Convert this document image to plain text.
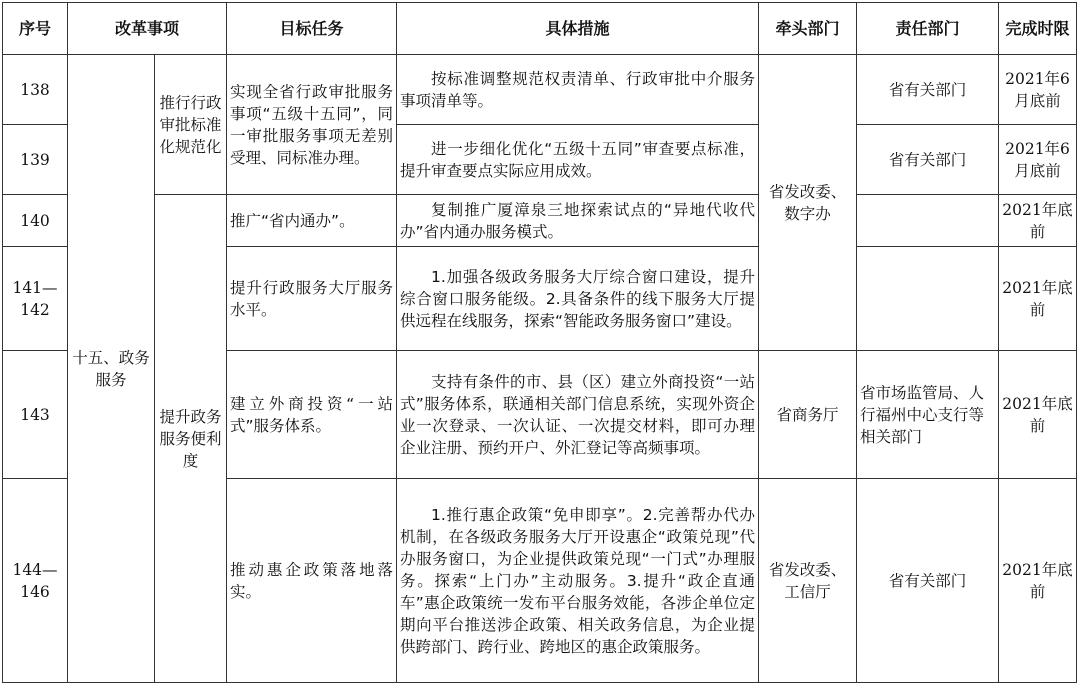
序号	改革事项		目标任务	具体措施	牵头部门	责任部门	完成时限
138	十五、政务服务	推行行政审批标准化规范化	实现全省行政审批服务事项“五级十五同”，同一审批服务事项无差别受理、同标准办理。	按标准调整规范权责清单、行政审批中介服务事项清单等。	省发改委、数字办	省有关部门	2021年6月底前
139				进一步细化优化“五级十五同”审查要点标准，提升审查要点实际应用成效。		省有关部门	2021年6月底前
140		提升政务服务便利度	推广“省内通办”。	复制推广厦漳泉三地探索试点的“异地代收代办”省内通办服务模式。			2021年底前
141—142			提升行政服务大厅服务水平。	1.加强各级政务服务大厅综合窗口建设，提升综合窗口服务能级。2.具备条件的线下服务大厅提供远程在线服务，探索“智能政务服务窗口”建设。			2021年底前
143			建立外商投资“一站式”服务体系。	支持有条件的市、县（区）建立外商投资“一站式”服务体系，联通相关部门信息系统，实现外资企业一次登录、一次认证、一次提交材料，即可办理企业注册、预约开户、外汇登记等高频事项。	省商务厅	省市场监管局、人行福州中心支行等相关部门	2021年底前
144—146			推动惠企政策落地落实。	1.推行惠企政策“免申即享”。2.完善帮办代办机制，在各级政务服务大厅开设惠企“政策兑现”代办服务窗口，为企业提供政策兑现“一门式”办理服务。探索“上门办”主动服务。3.提升“政企直通车”惠企政策统一发布平台服务效能，各涉企单位定期向平台推送涉企政策、相关政务信息，为企业提供跨部门、跨行业、跨地区的惠企政策服务。	省发改委、工信厅	省有关部门	2021年底前
